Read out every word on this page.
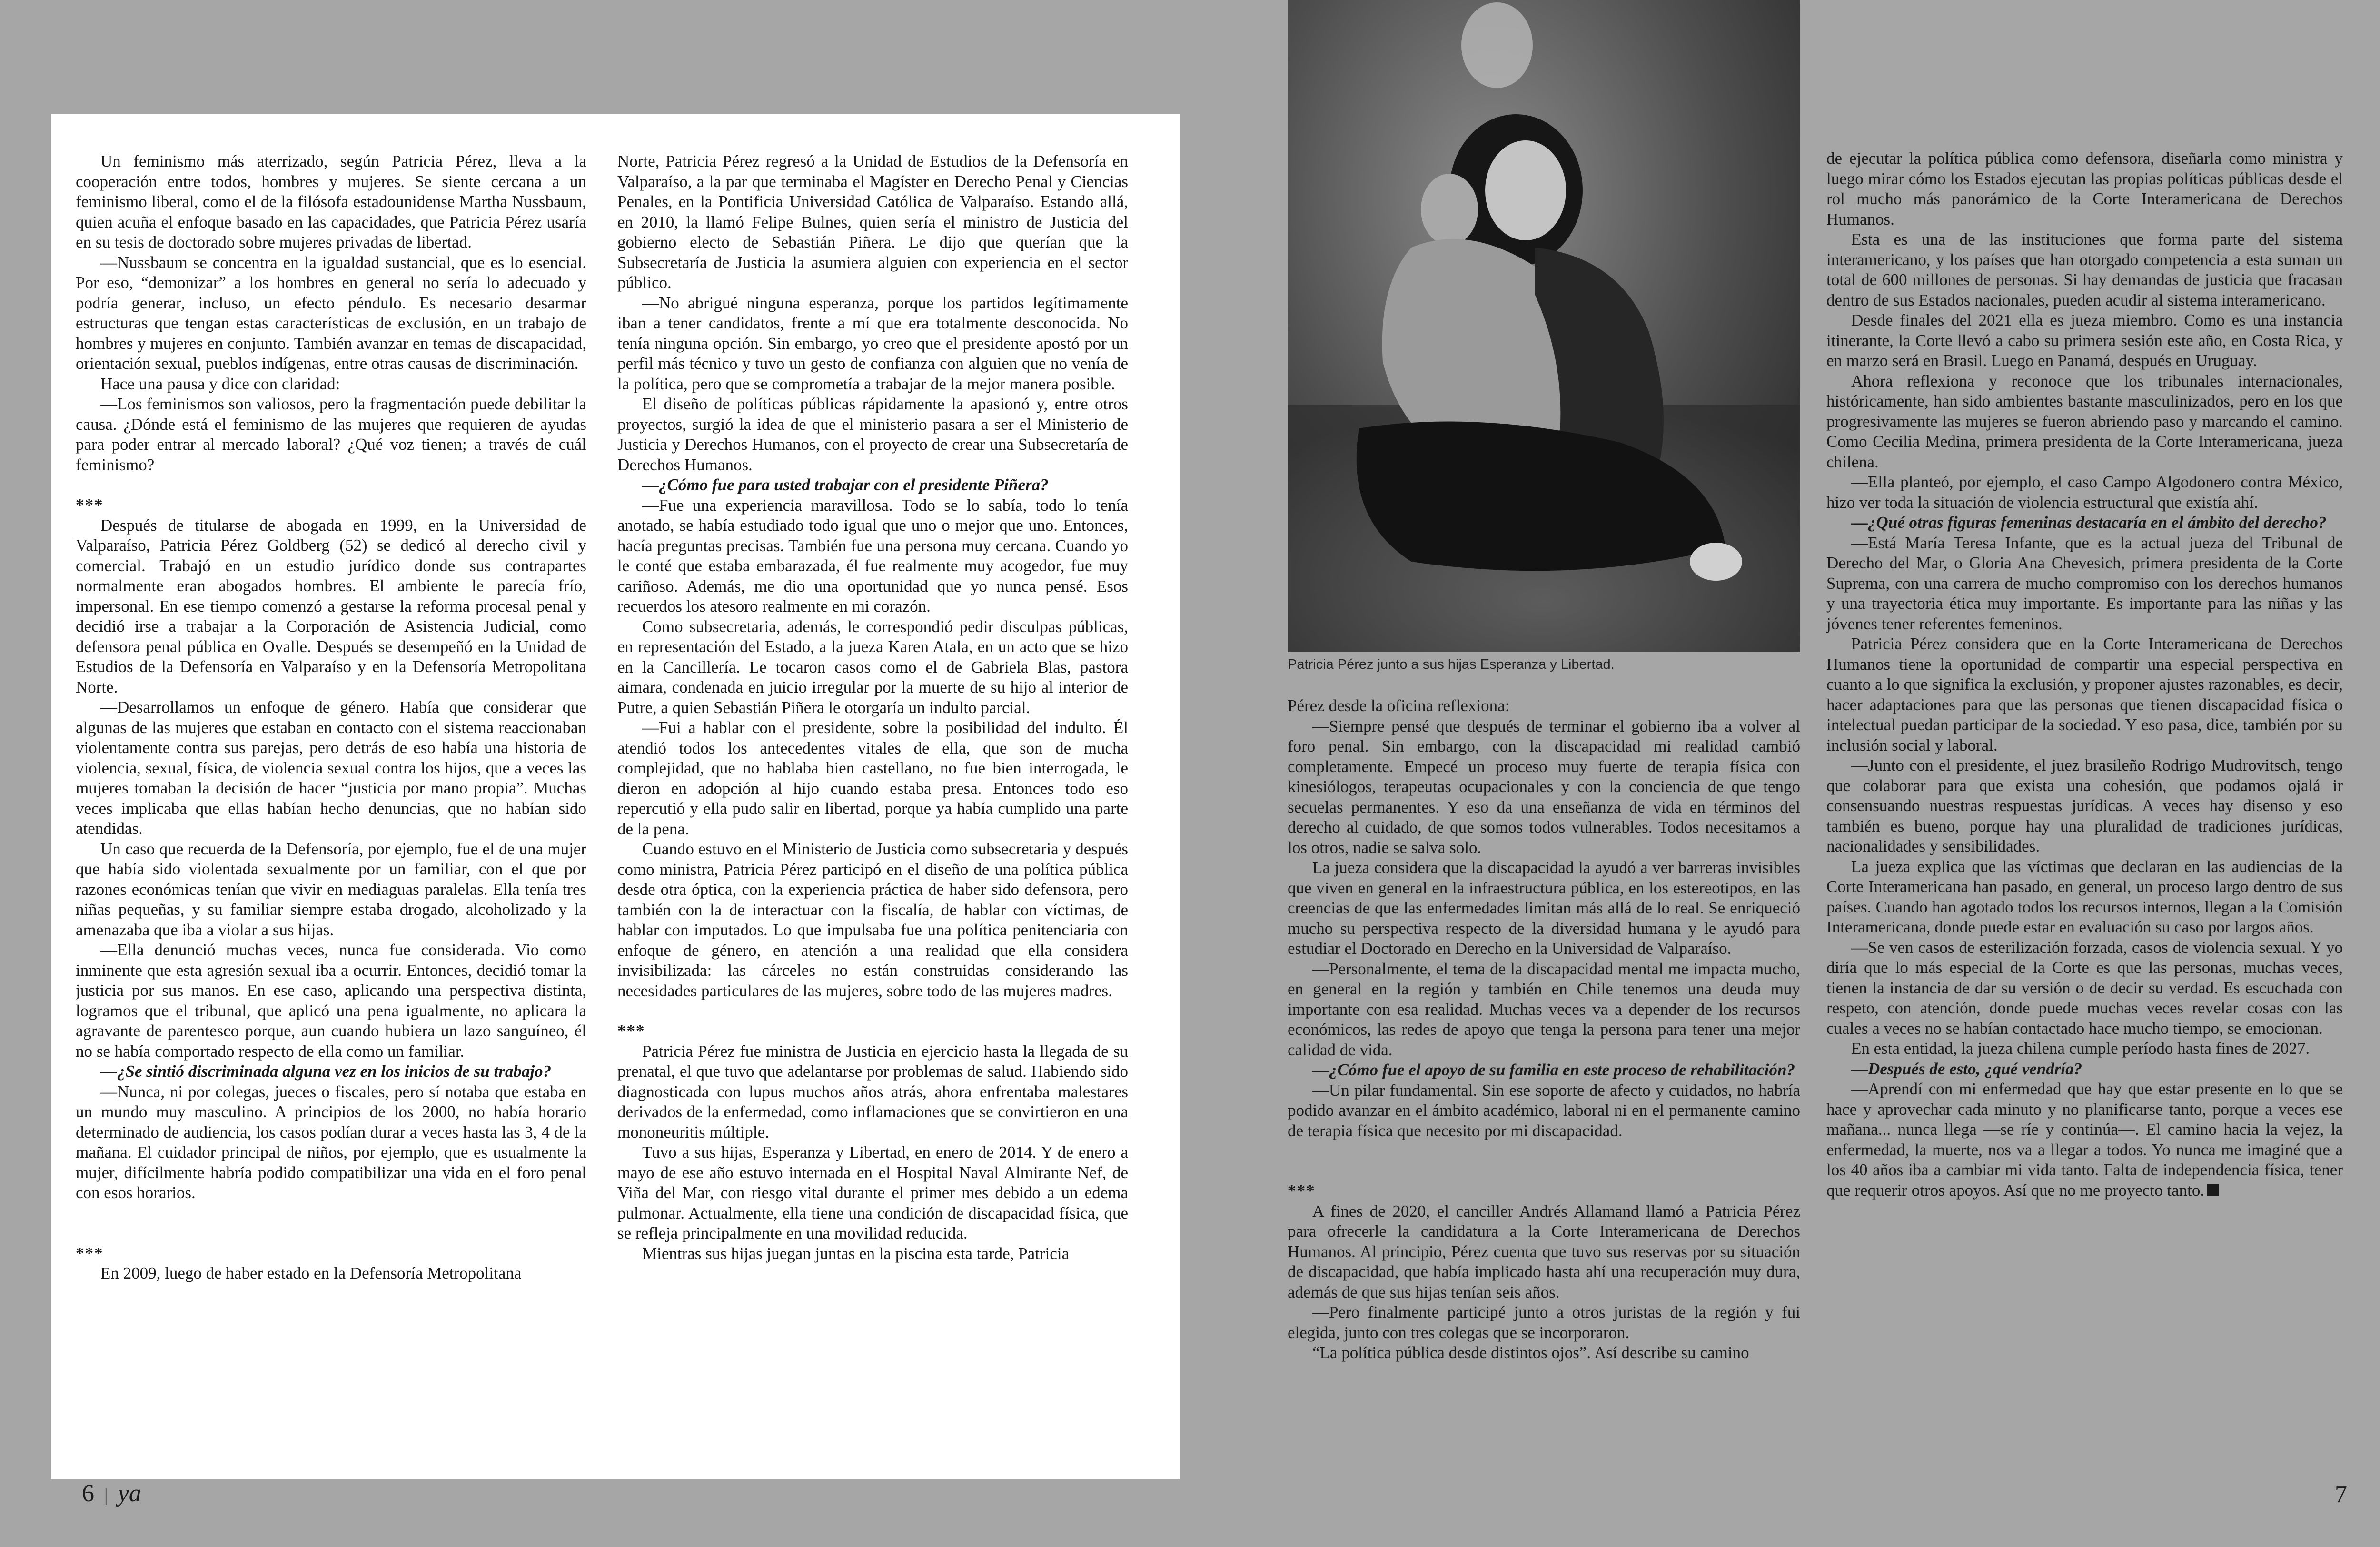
Un feminismo más aterrizado, según Patricia Pérez, lleva a la cooperación entre todos, hombres y mujeres. Se siente cercana a un feminismo liberal, como el de la filósofa estadounidense Martha Nussbaum, quien acuña el enfoque basado en las capacidades, que Patricia Pérez usaría en su tesis de doctorado sobre mujeres privadas de libertad.

—Nussbaum se concentra en la igualdad sustancial, que es lo esencial. Por eso, “demonizar” a los hombres en general no sería lo adecuado y podría generar, incluso, un efecto péndulo. Es necesario desarmar estructuras que tengan estas características de exclusión, en un trabajo de hombres y mujeres en conjunto. También avanzar en temas de discapacidad, orientación sexual, pueblos indígenas, entre otras causas de discriminación.

Hace una pausa y dice con claridad:

—Los feminismos son valiosos, pero la fragmentación puede debilitar la causa. ¿Dónde está el feminismo de las mujeres que requieren de ayudas para poder entrar al mercado laboral? ¿Qué voz tienen; a través de cuál feminismo?

***

Después de titularse de abogada en 1999, en la Universidad de Valparaíso, Patricia Pérez Goldberg (52) se dedicó al derecho civil y comercial. Trabajó en un estudio jurídico donde sus contrapartes normalmente eran abogados hombres. El ambiente le parecía frío, impersonal. En ese tiempo comenzó a gestarse la reforma procesal penal y decidió irse a trabajar a la Corporación de Asistencia Judicial, como defensora penal pública en Ovalle. Después se desempeñó en la Unidad de Estudios de la Defensoría en Valparaíso y en la Defensoría Metropolitana Norte.

—Desarrollamos un enfoque de género. Había que considerar que algunas de las mujeres que estaban en contacto con el sistema reaccionaban violentamente contra sus parejas, pero detrás de eso había una historia de violencia, sexual, física, de violencia sexual contra los hijos, que a veces las mujeres tomaban la decisión de hacer “justicia por mano propia”. Muchas veces implicaba que ellas habían hecho denuncias, que no habían sido atendidas.

Un caso que recuerda de la Defensoría, por ejemplo, fue el de una mujer que había sido violentada sexualmente por un familiar, con el que por razones económicas tenían que vivir en mediaguas paralelas. Ella tenía tres niñas pequeñas, y su familiar siempre estaba drogado, alcoholizado y la amenazaba que iba a violar a sus hijas.

—Ella denunció muchas veces, nunca fue considerada. Vio como inminente que esta agresión sexual iba a ocurrir. Entonces, decidió tomar la justicia por sus manos. En ese caso, aplicando una perspectiva distinta, logramos que el tribunal, que aplicó una pena igualmente, no aplicara la agravante de parentesco porque, aun cuando hubiera un lazo sanguíneo, él no se había comportado respecto de ella como un familiar.

—¿Se sintió discriminada alguna vez en los inicios de su trabajo?

—Nunca, ni por colegas, jueces o fiscales, pero sí notaba que estaba en un mundo muy masculino. A principios de los 2000, no había horario determinado de audiencia, los casos podían durar a veces hasta las 3, 4 de la mañana. El cuidador principal de niños, por ejemplo, que es usualmente la mujer, difícilmente habría podido compatibilizar una vida en el foro penal con esos horarios.

***

En 2009, luego de haber estado en la Defensoría Metropolitana

Norte, Patricia Pérez regresó a la Unidad de Estudios de la Defensoría en Valparaíso, a la par que terminaba el Magíster en Derecho Penal y Ciencias Penales, en la Pontificia Universidad Católica de Valparaíso. Estando allá, en 2010, la llamó Felipe Bulnes, quien sería el ministro de Justicia del gobierno electo de Sebastián Piñera. Le dijo que querían que la Subsecretaría de Justicia la asumiera alguien con experiencia en el sector público.

—No abrigué ninguna esperanza, porque los partidos legítimamente iban a tener candidatos, frente a mí que era totalmente desconocida. No tenía ninguna opción. Sin embargo, yo creo que el presidente apostó por un perfil más técnico y tuvo un gesto de confianza con alguien que no venía de la política, pero que se comprometía a trabajar de la mejor manera posible.

El diseño de políticas públicas rápidamente la apasionó y, entre otros proyectos, surgió la idea de que el ministerio pasara a ser el Ministerio de Justicia y Derechos Humanos, con el proyecto de crear una Subsecretaría de Derechos Humanos.

—¿Cómo fue para usted trabajar con el presidente Piñera?

—Fue una experiencia maravillosa. Todo se lo sabía, todo lo tenía anotado, se había estudiado todo igual que uno o mejor que uno. Entonces, hacía preguntas precisas. También fue una persona muy cercana. Cuando yo le conté que estaba embarazada, él fue realmente muy acogedor, fue muy cariñoso. Además, me dio una oportunidad que yo nunca pensé. Esos recuerdos los atesoro realmente en mi corazón.

Como subsecretaria, además, le correspondió pedir disculpas públicas, en representación del Estado, a la jueza Karen Atala, en un acto que se hizo en la Cancillería. Le tocaron casos como el de Gabriela Blas, pastora aimara, condenada en juicio irregular por la muerte de su hijo al interior de Putre, a quien Sebastián Piñera le otorgaría un indulto parcial.

—Fui a hablar con el presidente, sobre la posibilidad del indulto. Él atendió todos los antecedentes vitales de ella, que son de mucha complejidad, que no hablaba bien castellano, no fue bien interrogada, le dieron en adopción al hijo cuando estaba presa. Entonces todo eso repercutió y ella pudo salir en libertad, porque ya había cumplido una parte de la pena.

Cuando estuvo en el Ministerio de Justicia como subsecretaria y después como ministra, Patricia Pérez participó en el diseño de una política pública desde otra óptica, con la experiencia práctica de haber sido defensora, pero también con la de interactuar con la fiscalía, de hablar con víctimas, de hablar con imputados. Lo que impulsaba fue una política penitenciaria con enfoque de género, en atención a una realidad que ella considera invisibilizada: las cárceles no están construidas considerando las necesidades particulares de las mujeres, sobre todo de las mujeres madres.

***

Patricia Pérez fue ministra de Justicia en ejercicio hasta la llegada de su prenatal, el que tuvo que adelantarse por problemas de salud. Habiendo sido diagnosticada con lupus muchos años atrás, ahora enfrentaba malestares derivados de la enfermedad, como inflamaciones que se convirtieron en una mononeuritis múltiple.

Tuvo a sus hijas, Esperanza y Libertad, en enero de 2014. Y de enero a mayo de ese año estuvo internada en el Hospital Naval Almirante Nef, de Viña del Mar, con riesgo vital durante el primer mes debido a un edema pulmonar. Actualmente, ella tiene una condición de discapacidad física, que se refleja principalmente en una movilidad reducida.

Mientras sus hijas juegan juntas en la piscina esta tarde, Patricia

6 | ya
Patricia Pérez junto a sus hijas Esperanza y Libertad.

Pérez desde la oficina reflexiona:

—Siempre pensé que después de terminar el gobierno iba a volver al foro penal. Sin embargo, con la discapacidad mi realidad cambió completamente. Empecé un proceso muy fuerte de terapia física con kinesiólogos, terapeutas ocupacionales y con la conciencia de que tengo secuelas permanentes. Y eso da una enseñanza de vida en términos del derecho al cuidado, de que somos todos vulnerables. Todos necesitamos a los otros, nadie se salva solo.

La jueza considera que la discapacidad la ayudó a ver barreras invisibles que viven en general en la infraestructura pública, en los estereotipos, en las creencias de que las enfermedades limitan más allá de lo real. Se enriqueció mucho su perspectiva respecto de la diversidad humana y le ayudó para estudiar el Doctorado en Derecho en la Universidad de Valparaíso.

—Personalmente, el tema de la discapacidad mental me impacta mucho, en general en la región y también en Chile tenemos una deuda muy importante con esa realidad. Muchas veces va a depender de los recursos económicos, las redes de apoyo que tenga la persona para tener una mejor calidad de vida.

—¿Cómo fue el apoyo de su familia en este proceso de rehabilitación?

—Un pilar fundamental. Sin ese soporte de afecto y cuidados, no habría podido avanzar en el ámbito académico, laboral ni en el permanente camino de terapia física que necesito por mi discapacidad.

***

A fines de 2020, el canciller Andrés Allamand llamó a Patricia Pérez para ofrecerle la candidatura a la Corte Interamericana de Derechos Humanos. Al principio, Pérez cuenta que tuvo sus reservas por su situación de discapacidad, que había implicado hasta ahí una recuperación muy dura, además de que sus hijas tenían seis años.

—Pero finalmente participé junto a otros juristas de la región y fui elegida, junto con tres colegas que se incorporaron.

“La política pública desde distintos ojos”. Así describe su camino

de ejecutar la política pública como defensora, diseñarla como ministra y luego mirar cómo los Estados ejecutan las propias políticas públicas desde el rol mucho más panorámico de la Corte Interamericana de Derechos Humanos.

Esta es una de las instituciones que forma parte del sistema interamericano, y los países que han otorgado competencia a esta suman un total de 600 millones de personas. Si hay demandas de justicia que fracasan dentro de sus Estados nacionales, pueden acudir al sistema interamericano.

Desde finales del 2021 ella es jueza miembro. Como es una instancia itinerante, la Corte llevó a cabo su primera sesión este año, en Costa Rica, y en marzo será en Brasil. Luego en Panamá, después en Uruguay.

Ahora reflexiona y reconoce que los tribunales internacionales, históricamente, han sido ambientes bastante masculinizados, pero en los que progresivamente las mujeres se fueron abriendo paso y marcando el camino. Como Cecilia Medina, primera presidenta de la Corte Interamericana, jueza chilena.

—Ella planteó, por ejemplo, el caso Campo Algodonero contra México, hizo ver toda la situación de violencia estructural que existía ahí.

—¿Qué otras figuras femeninas destacaría en el ámbito del derecho?

—Está María Teresa Infante, que es la actual jueza del Tribunal de Derecho del Mar, o Gloria Ana Chevesich, primera presidenta de la Corte Suprema, con una carrera de mucho compromiso con los derechos humanos y una trayectoria ética muy importante. Es importante para las niñas y las jóvenes tener referentes femeninos.

Patricia Pérez considera que en la Corte Interamericana de Derechos Humanos tiene la oportunidad de compartir una especial perspectiva en cuanto a lo que significa la exclusión, y proponer ajustes razonables, es decir, hacer adaptaciones para que las personas que tienen discapacidad física o intelectual puedan participar de la sociedad. Y eso pasa, dice, también por su inclusión social y laboral.

—Junto con el presidente, el juez brasileño Rodrigo Mudrovitsch, tengo que colaborar para que exista una cohesión, que podamos ojalá ir consensuando nuestras respuestas jurídicas. A veces hay disenso y eso también es bueno, porque hay una pluralidad de tradiciones jurídicas, nacionalidades y sensibilidades.

La jueza explica que las víctimas que declaran en las audiencias de la Corte Interamericana han pasado, en general, un proceso largo dentro de sus países. Cuando han agotado todos los recursos internos, llegan a la Comisión Interamericana, donde puede estar en evaluación su caso por largos años.

—Se ven casos de esterilización forzada, casos de violencia sexual. Y yo diría que lo más especial de la Corte es que las personas, muchas veces, tienen la instancia de dar su versión o de decir su verdad. Es escuchada con respeto, con atención, donde puede muchas veces revelar cosas con las cuales a veces no se habían contactado hace mucho tiempo, se emocionan.

En esta entidad, la jueza chilena cumple período hasta fines de 2027.

—Después de esto, ¿qué vendría?

—Aprendí con mi enfermedad que hay que estar presente en lo que se hace y aprovechar cada minuto y no planificarse tanto, porque a veces ese mañana... nunca llega —se ríe y continúa—. El camino hacia la vejez, la enfermedad, la muerte, nos va a llegar a todos. Yo nunca me imaginé que a los 40 años iba a cambiar mi vida tanto. Falta de independencia física, tener que requerir otros apoyos. Así que no me proyecto tanto.

7
